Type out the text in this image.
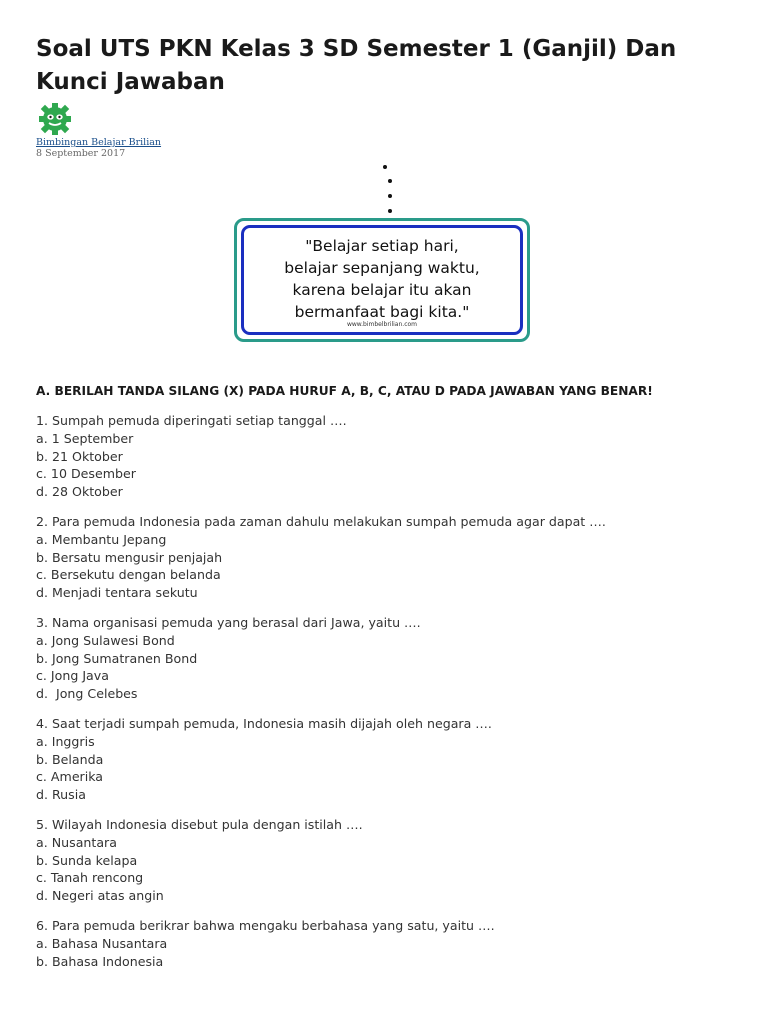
Soal UTS PKN Kelas 3 SD Semester 1 (Ganjil) Dan Kunci Jawaban
Bimbingan Belajar Brilian
8 September 2017

"Belajar setiap hari,
belajar sepanjang waktu,
karena belajar itu akan
bermanfaat bagi kita."

www.bimbelbrilian.com
A. BERILAH TANDA SILANG (X) PADA HURUF A, B, C, ATAU D PADA JAWABAN YANG BENAR!
1. Sumpah pemuda diperingati setiap tanggal ….
a. 1 September
b. 21 Oktober
c. 10 Desember
d. 28 Oktober
2. Para pemuda Indonesia pada zaman dahulu melakukan sumpah pemuda agar dapat ….
a. Membantu Jepang
b. Bersatu mengusir penjajah
c. Bersekutu dengan belanda
d. Menjadi tentara sekutu
3. Nama organisasi pemuda yang berasal dari Jawa, yaitu ….
a. Jong Sulawesi Bond
b. Jong Sumatranen Bond
c. Jong Java
d.  Jong Celebes
4. Saat terjadi sumpah pemuda, Indonesia masih dijajah oleh negara ….
a. Inggris
b. Belanda
c. Amerika
d. Rusia
5. Wilayah Indonesia disebut pula dengan istilah ….
a. Nusantara
b. Sunda kelapa
c. Tanah rencong
d. Negeri atas angin
6. Para pemuda berikrar bahwa mengaku berbahasa yang satu, yaitu ….
a. Bahasa Nusantara
b. Bahasa Indonesia
